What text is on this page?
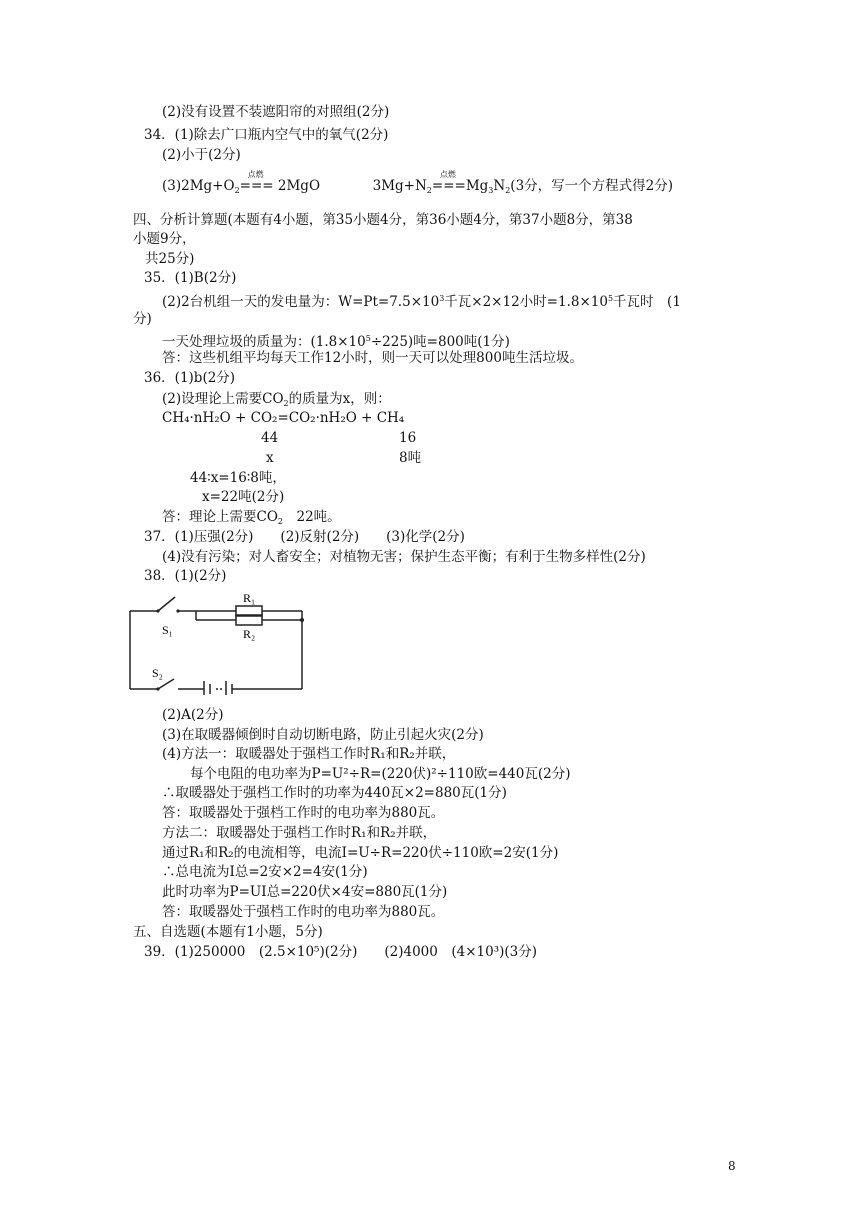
(2)没有设置不装遮阳帘的对照组(2分)
34．(1)除去广口瓶内空气中的氧气(2分)
(2)小于(2分)
$(3)2Mg+O_2$
点燃
=== 2MgO	$3Mg+N_2$
点燃
$===Mg_3N_2(3$分，写一个方程式得2分)
四、分析计算题(本题有4小题，第35小题4分，第36小题4分，第37小题8分，第38
小题9分，
共25分)
35．(1)B(2分)
(2)2台机组一天的发电量为：$W=Pt=7.5\times 10^3$千瓦×2×12小时$=1.8\times 10^5$千瓦时　(1
分)
一天处理垃圾的质量为：$(1.8\times 10^5\div 225)$吨=800吨(1分)
答：这些机组平均每天工作12小时，则一天可以处理800吨生活垃圾。
36．(1)b(2分)
(2)设理论上需要$CO_2$的质量为x，则：
CH₄·nH₂O + CO₂=CO₂·nH₂O + CH₄
44	16
x	8吨
44∶x=16∶8吨，
x=22吨(2分)
答：理论上需要$CO_2$　22吨。
37．(1)压强(2分)　　(2)反射(2分)　　(3)化学(2分)
(4)没有污染；对人畜安全；对植物无害；保护生态平衡；有利于生物多样性(2分)
38．(1)(2分)
R₁
R₂
S₁
S₂
(2)A(2分)
(3)在取暖器倾倒时自动切断电路，防止引起火灾(2分)
(4)方法一：取暖器处于强档工作时R₁和R₂并联，
每个电阻的电功率为P=U²÷R=(220伏)²÷110欧=440瓦(2分)
∴取暖器处于强档工作时的功率为440瓦×2=880瓦(1分)
答：取暖器处于强档工作时的电功率为880瓦。
方法二：取暖器处于强档工作时R₁和R₂并联，
通过R₁和R₂的电流相等，电流I=U÷R=220伏÷110欧=2安(1分)
∴总电流为I总=2安×2=4安(1分)
此时功率为P=UI总=220伏×4安=880瓦(1分)
答：取暖器处于强档工作时的电功率为880瓦。
五、自选题(本题有1小题，5分)
39．(1)250000　(2.5×10⁵)(2分)　　(2)4000　(4×10³)(3分)
8
